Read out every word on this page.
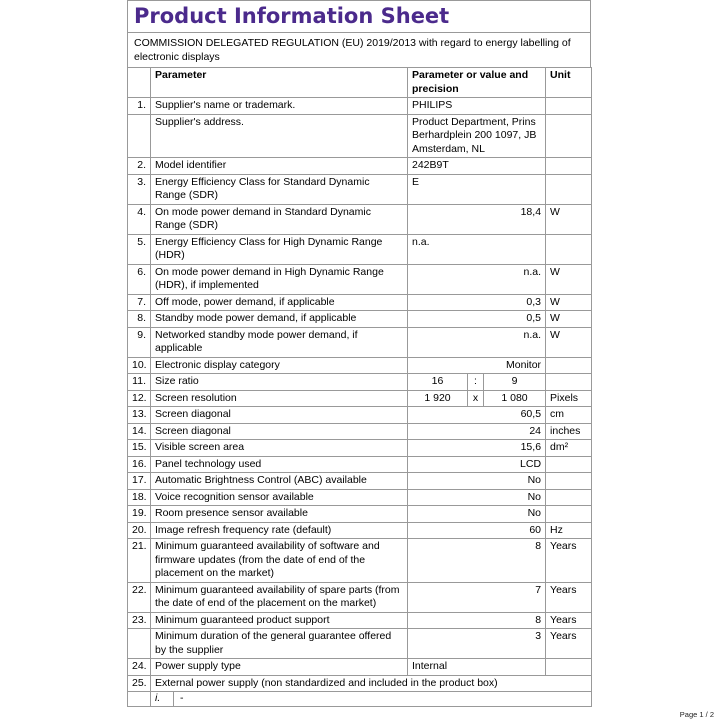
Product Information Sheet
COMMISSION DELEGATED REGULATION (EU) 2019/2013 with regard to energy labelling of electronic displays
	Parameter	Parameter or value and precision			Unit
1.	Supplier's name or trademark.	PHILIPS			
	Supplier's address.	Product Department, Prins Berhardplein 200 1097, JB Amsterdam, NL			
2.	Model identifier	242B9T			
3.	Energy Efficiency Class for Standard Dynamic Range (SDR)	E			
4.	On mode power demand in Standard Dynamic Range (SDR)	18,4			W
5.	Energy Efficiency Class for High Dynamic Range (HDR)	n.a.			
6.	On mode power demand in High Dynamic Range (HDR), if implemented	n.a.			W
7.	Off mode, power demand, if applicable	0,3			W
8.	Standby mode power demand, if applicable	0,5			W
9.	Networked standby mode power demand, if applicable	n.a.			W
10.	Electronic display category	Monitor			
11.	Size ratio	16	:	9	
12.	Screen resolution	1 920	x	1 080	Pixels
13.	Screen diagonal	60,5			cm
14.	Screen diagonal	24			inches
15.	Visible screen area	15,6			dm²
16.	Panel technology used	LCD			
17.	Automatic Brightness Control (ABC) available	No			
18.	Voice recognition sensor available	No			
19.	Room presence sensor available	No			
20.	Image refresh frequency rate (default)	60			Hz
21.	Minimum guaranteed availability of software and firmware updates (from the date of end of the placement on the market)	8			Years
22.	Minimum guaranteed availability of spare parts (from the date of end of the placement on the market)	7			Years
23.	Minimum guaranteed product support	8			Years
	Minimum duration of the general guarantee offered by the supplier	3			Years
24.	Power supply type	Internal			
25.	External power supply (non standardized and included in the product box)				
	i. -				
Page 1 / 2
